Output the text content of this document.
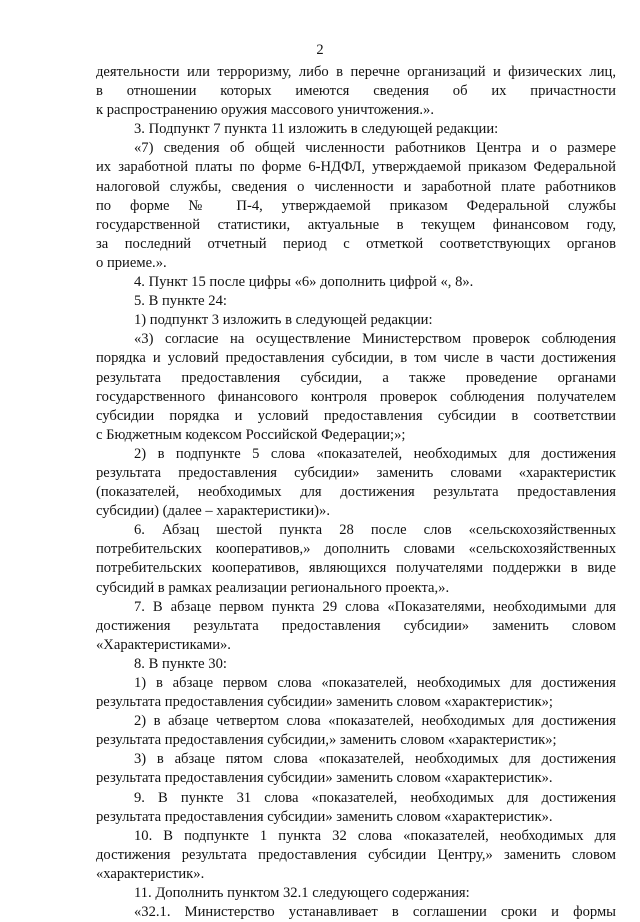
2
деятельности или терроризму, либо в перечне организаций и физических лиц,
в отношении которых имеются сведения об их причастности
к распространению оружия массового уничтожения.».
3. Подпункт 7 пункта 11 изложить в следующей редакции:
«7) сведения об общей численности работников Центра и о размере
их заработной платы по форме 6-НДФЛ, утверждаемой приказом Федеральной
налоговой службы, сведения о численности и заработной плате работников
по форме № П-4, утверждаемой приказом Федеральной службы
государственной статистики, актуальные в текущем финансовом году,
за последний отчетный период с отметкой соответствующих органов
о приеме.».
4. Пункт 15 после цифры «6» дополнить цифрой «, 8».
5. В пункте 24:
1) подпункт 3 изложить в следующей редакции:
«3) согласие на осуществление Министерством проверок соблюдения
порядка и условий предоставления субсидии, в том числе в части достижения
результата предоставления субсидии, а также проведение органами
государственного финансового контроля проверок соблюдения получателем
субсидии порядка и условий предоставления субсидии в соответствии
с Бюджетным кодексом Российской Федерации;»;
2) в подпункте 5 слова «показателей, необходимых для достижения
результата предоставления субсидии» заменить словами «характеристик
(показателей, необходимых для достижения результата предоставления
субсидии) (далее – характеристики)».
6. Абзац шестой пункта 28 после слов «сельскохозяйственных
потребительских кооперативов,» дополнить словами «сельскохозяйственных
потребительских кооперативов, являющихся получателями поддержки в виде
субсидий в рамках реализации регионального проекта,».
7. В абзаце первом пункта 29 слова «Показателями, необходимыми для
достижения результата предоставления субсидии» заменить словом
«Характеристиками».
8. В пункте 30:
1) в абзаце первом слова «показателей, необходимых для достижения
результата предоставления субсидии» заменить словом «характеристик»;
2) в абзаце четвертом слова «показателей, необходимых для достижения
результата предоставления субсидии,» заменить словом «характеристик»;
3) в абзаце пятом слова «показателей, необходимых для достижения
результата предоставления субсидии» заменить словом «характеристик».
9. В пункте 31 слова «показателей, необходимых для достижения
результата предоставления субсидии» заменить словом «характеристик».
10. В подпункте 1 пункта 32 слова «показателей, необходимых для
достижения результата предоставления субсидии Центру,» заменить словом
«характеристик».
11. Дополнить пунктом 32.1 следующего содержания:
«32.1. Министерство устанавливает в соглашении сроки и формы
